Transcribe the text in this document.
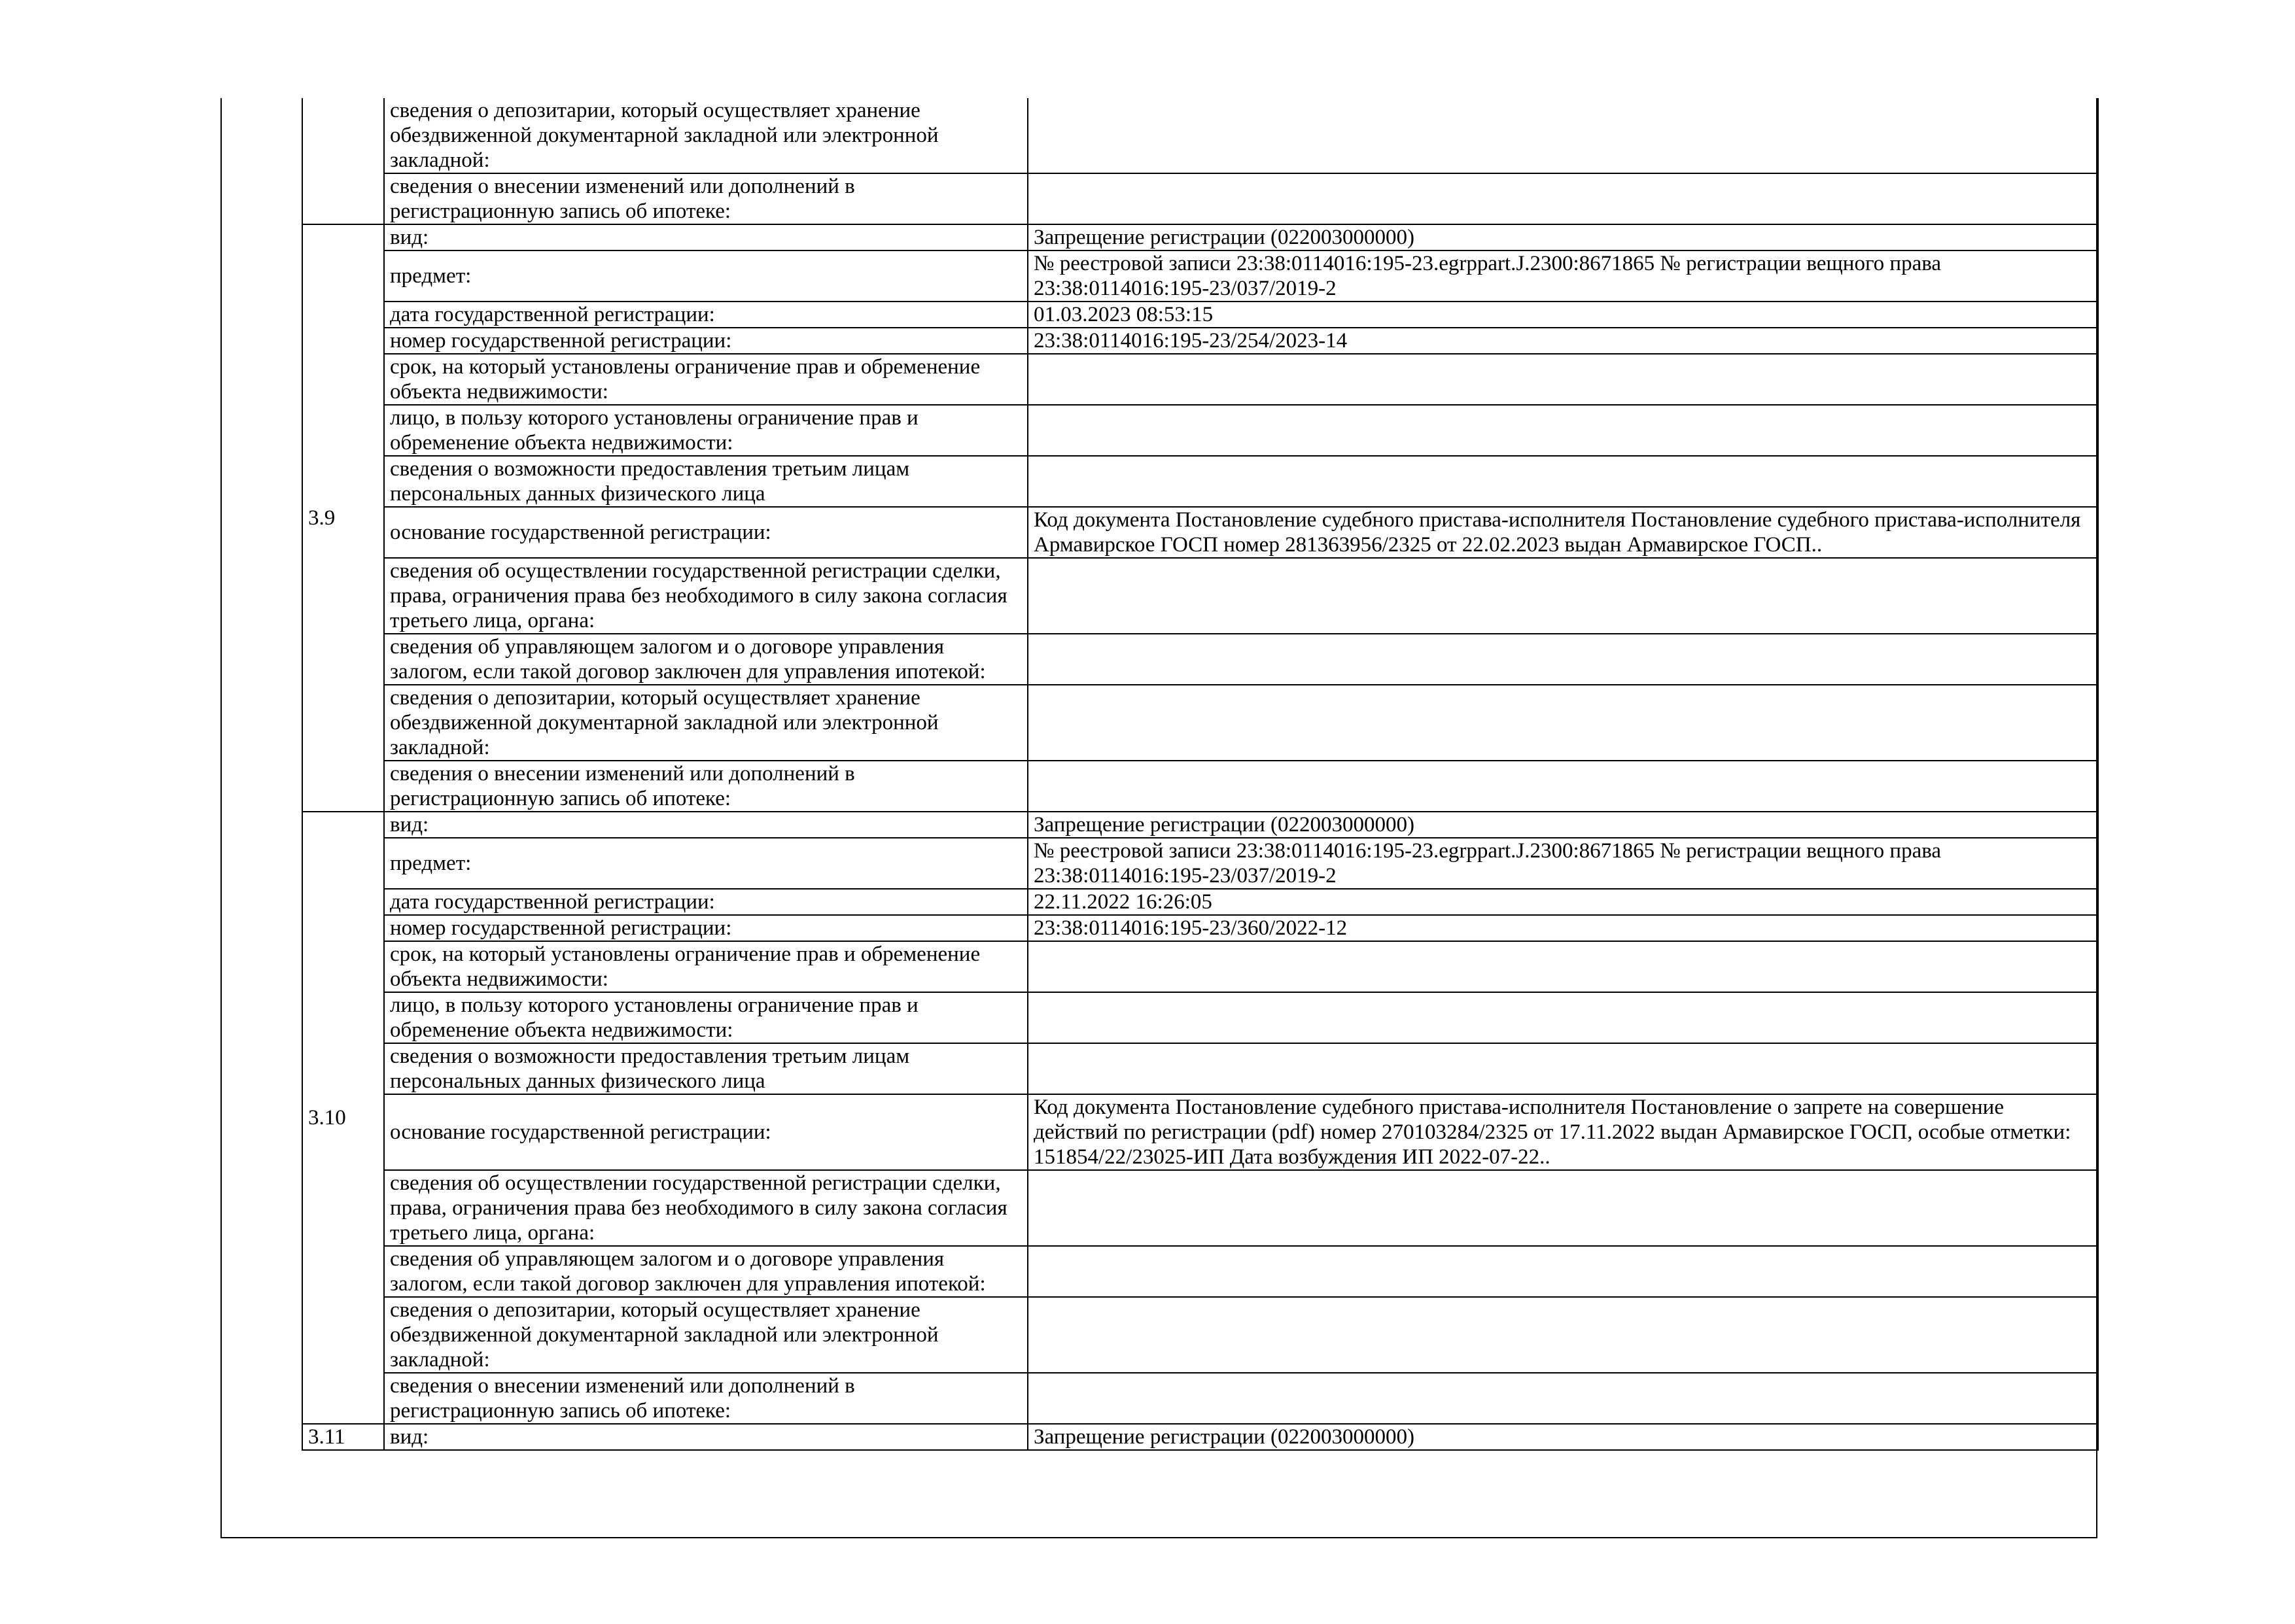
	сведения о депозитарии, который осуществляет хранение обездвиженной документарной закладной или электронной закладной:	
	сведения о внесении изменений или дополнений в регистрационную запись об ипотеке:	
3.9	вид:	Запрещение регистрации (022003000000)
	предмет:	№ реестровой записи 23:38:0114016:195-23.egrppart.J.2300:8671865 № регистрации вещного права 23:38:0114016:195-23/037/2019-2
	дата государственной регистрации:	01.03.2023 08:53:15
	номер государственной регистрации:	23:38:0114016:195-23/254/2023-14
	срок, на который установлены ограничение прав и обременение объекта недвижимости:	
	лицо, в пользу которого установлены ограничение прав и обременение объекта недвижимости:	
	сведения о возможности предоставления третьим лицам персональных данных физического лица	
	основание государственной регистрации:	Код документа Постановление судебного пристава-исполнителя Постановление судебного пристава-исполнителя Армавирское ГОСП номер 281363956/2325 от 22.02.2023 выдан Армавирское ГОСП..
	сведения об осуществлении государственной регистрации сделки, права, ограничения права без необходимого в силу закона согласия третьего лица, органа:	
	сведения об управляющем залогом и о договоре управления залогом, если такой договор заключен для управления ипотекой:	
	сведения о депозитарии, который осуществляет хранение обездвиженной документарной закладной или электронной закладной:	
	сведения о внесении изменений или дополнений в регистрационную запись об ипотеке:	
3.10	вид:	Запрещение регистрации (022003000000)
	предмет:	№ реестровой записи 23:38:0114016:195-23.egrppart.J.2300:8671865 № регистрации вещного права 23:38:0114016:195-23/037/2019-2
	дата государственной регистрации:	22.11.2022 16:26:05
	номер государственной регистрации:	23:38:0114016:195-23/360/2022-12
	срок, на который установлены ограничение прав и обременение объекта недвижимости:	
	лицо, в пользу которого установлены ограничение прав и обременение объекта недвижимости:	
	сведения о возможности предоставления третьим лицам персональных данных физического лица	
	основание государственной регистрации:	Код документа Постановление судебного пристава-исполнителя Постановление о запрете на совершение действий по регистрации (pdf) номер 270103284/2325 от 17.11.2022 выдан Армавирское ГОСП, особые отметки: 151854/22/23025-ИП Дата возбуждения ИП 2022-07-22..
	сведения об осуществлении государственной регистрации сделки, права, ограничения права без необходимого в силу закона согласия третьего лица, органа:	
	сведения об управляющем залогом и о договоре управления залогом, если такой договор заключен для управления ипотекой:	
	сведения о депозитарии, который осуществляет хранение обездвиженной документарной закладной или электронной закладной:	
	сведения о внесении изменений или дополнений в регистрационную запись об ипотеке:	
3.11	вид:	Запрещение регистрации (022003000000)
